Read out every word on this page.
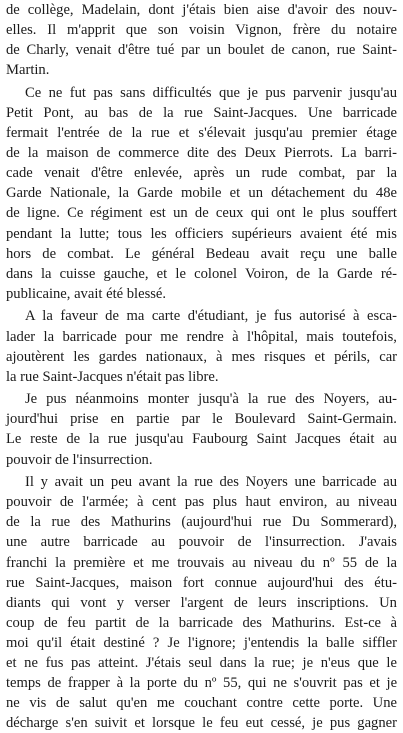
de collège, Madelain, dont j'étais bien aise d'avoir des nouv-
elles. Il m'apprit que son voisin Vignon, frère du notaire
de Charly, venait d'être tué par un boulet de canon, rue Saint-
Martin.
Ce ne fut pas sans difficultés que je pus parvenir jusqu'au
Petit Pont, au bas de la rue Saint-Jacques. Une barricade
fermait l'entrée de la rue et s'élevait jusqu'au premier étage
de la maison de commerce dite des Deux Pierrots. La barri-
cade venait d'être enlevée, après un rude combat, par la
Garde Nationale, la Garde mobile et un détachement du 48e
de ligne. Ce régiment est un de ceux qui ont le plus souffert
pendant la lutte; tous les officiers supérieurs avaient été mis
hors de combat. Le général Bedeau avait reçu une balle
dans la cuisse gauche, et le colonel Voiron, de la Garde ré-
publicaine, avait été blessé.
A la faveur de ma carte d'étudiant, je fus autorisé à esca-
lader la barricade pour me rendre à l'hôpital, mais toutefois,
ajoutèrent les gardes nationaux, à mes risques et périls, car
la rue Saint-Jacques n'était pas libre.
Je pus néanmoins monter jusqu'à la rue des Noyers, au-
jourd'hui prise en partie par le Boulevard Saint-Germain.
Le reste de la rue jusqu'au Faubourg Saint Jacques était au
pouvoir de l'insurrection.
Il y avait un peu avant la rue des Noyers une barricade au
pouvoir de l'armée; à cent pas plus haut environ, au niveau
de la rue des Mathurins (aujourd'hui rue Du Sommerard),
une autre barricade au pouvoir de l'insurrection. J'avais
franchi la première et me trouvais au niveau du nº 55 de la
rue Saint-Jacques, maison fort connue aujourd'hui des étu-
diants qui vont y verser l'argent de leurs inscriptions. Un
coup de feu partit de la barricade des Mathurins. Est-ce à
moi qu'il était destiné ? Je l'ignore; j'entendis la balle siffler
et ne fus pas atteint. J'étais seul dans la rue; je n'eus que le
temps de frapper à la porte du nº 55, qui ne s'ouvrit pas et je
ne vis de salut qu'en me couchant contre cette porte. Une
décharge s'en suivit et lorsque le feu eut cessé, je pus gagner
